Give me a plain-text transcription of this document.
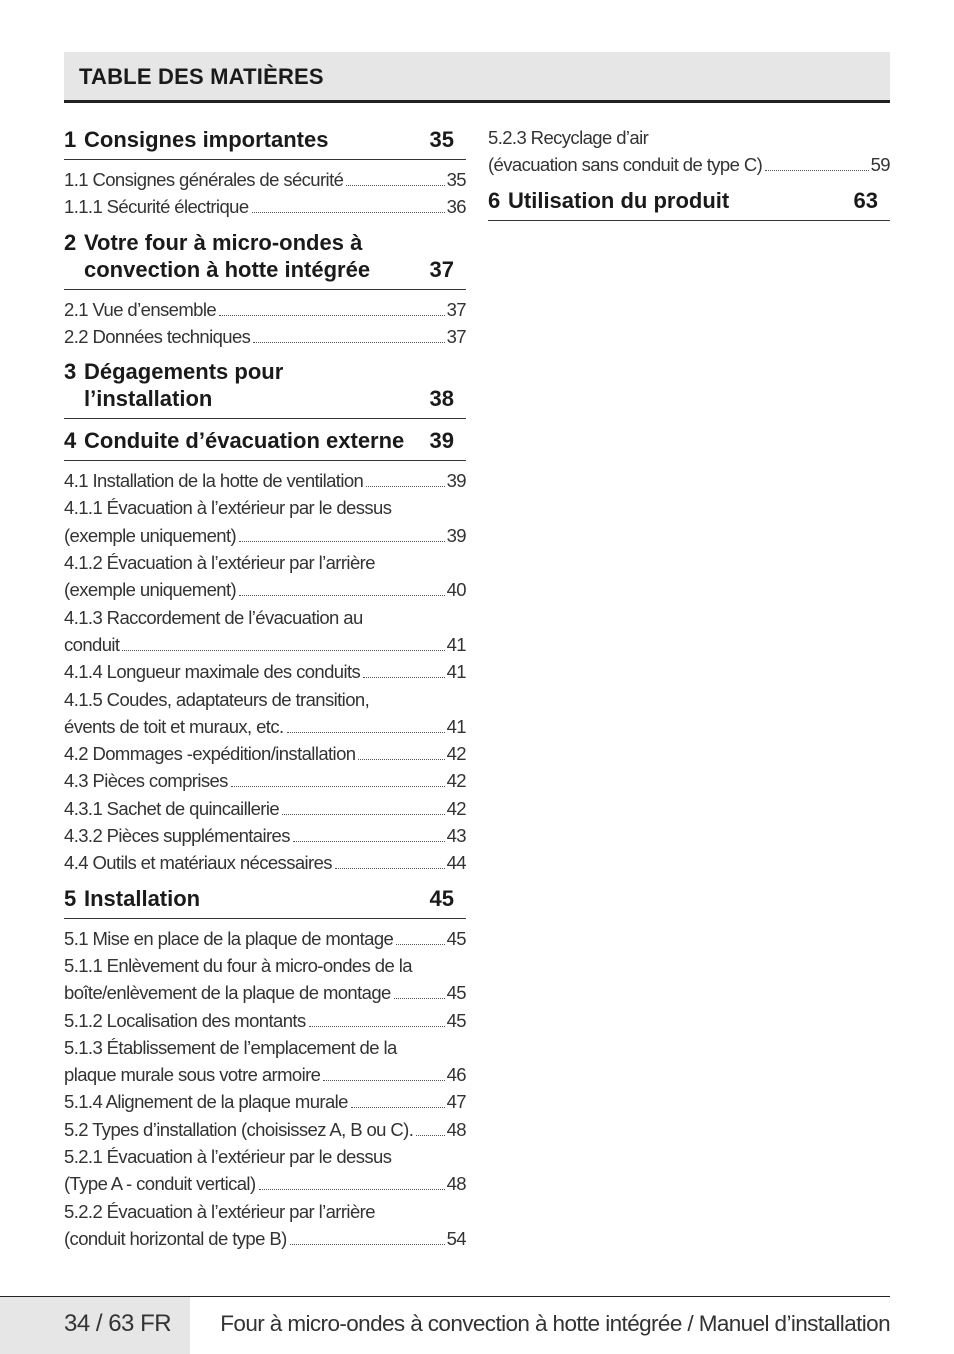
TABLE DES MATIÈRES
1 Consignes importantes	35
1.1 Consignes générales de sécurité	35
1.1.1 Sécurité électrique	36
2 Votre four à micro-ondes à
convection à hotte intégrée	37
2.1 Vue d’ensemble	37
2.2 Données techniques	37
3 Dégagements pour
l’installation	38
4 Conduite d’évacuation externe	39
4.1 Installation de la hotte de ventilation	39
4.1.1 Évacuation à l’extérieur par le dessus
(exemple uniquement)	39
4.1.2 Évacuation à l’extérieur par l’arrière
(exemple uniquement)	40
4.1.3 Raccordement de l’évacuation au
conduit	41
4.1.4 Longueur maximale des conduits	41
4.1.5 Coudes, adaptateurs de transition,
évents de toit et muraux, etc.	41
4.2 Dommages -expédition/installation	42
4.3 Pièces comprises	42
4.3.1 Sachet de quincaillerie	42
4.3.2 Pièces supplémentaires	43
4.4 Outils et matériaux nécessaires	44
5 Installation	45
5.1 Mise en place de la plaque de montage	45
5.1.1 Enlèvement du four à micro-ondes de la
boîte/enlèvement de la plaque de montage	45
5.1.2 Localisation des montants	45
5.1.3 Établissement de l’emplacement de la
plaque murale sous votre armoire	46
5.1.4 Alignement de la plaque murale	47
5.2 Types d’installation (choisissez A, B ou C). 48
5.2.1 Évacuation à l’extérieur par le dessus
(Type A - conduit vertical)	48
5.2.2 Évacuation à l’extérieur par l’arrière
(conduit horizontal de type B)	54
5.2.3 Recyclage d’air
(évacuation sans conduit de type C)	59
6 Utilisation du produit	63
34 / 63 FR Four à micro-ondes à convection à hotte intégrée / Manuel d’installation
